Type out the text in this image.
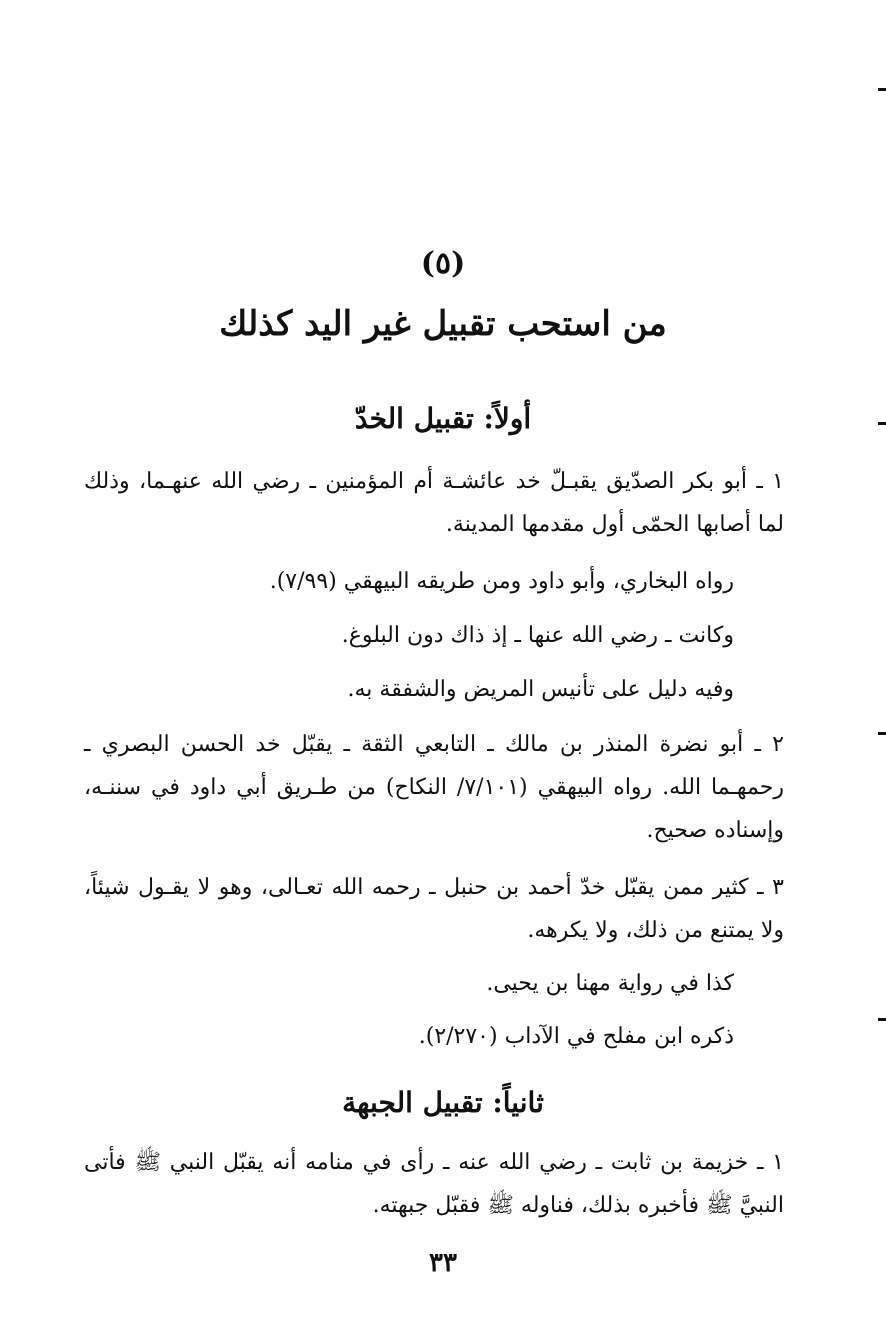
(٥)
من استحب تقبيل غير اليد كذلك
أولاً: تقبيل الخدّ

١ ـ أبو بكر الصدّيق يقبـلّ خد عائشـة أم المؤمنين ـ رضي الله عنهـما، وذلك لما أصابها الحمّى أول مقدمها المدينة.

رواه البخاري، وأبو داود ومن طريقه البيهقي (٧/٩٩).

وكانت ـ رضي الله عنها ـ إذ ذاك دون البلوغ.

وفيه دليل على تأنيس المريض والشفقة به.

٢ ـ أبو نضرة المنذر بن مالك ـ التابعي الثقة ـ يقبّل خد الحسن البصري ـ رحمهـما الله. رواه البيهقي (٧/١٠١/ النكاح) من طـريق أبي داود في سننـه، وإسناده صحيح.

٣ ـ كثير ممن يقبّل خدّ أحمد بن حنبل ـ رحمه الله تعـالى، وهو لا يقـول شيئاً، ولا يمتنع من ذلك، ولا يكرهه.

كذا في رواية مهنا بن يحيى.

ذكره ابن مفلح في الآداب (٢/٢٧٠).

ثانياً: تقبيل الجبهة

١ ـ خزيمة بن ثابت ـ رضي الله عنه ـ رأى في منامه أنه يقبّل النبي ﷺ فأتى النبيَّ ﷺ فأخبره بذلك، فناوله ﷺ فقبّل جبهته.

٣٣
